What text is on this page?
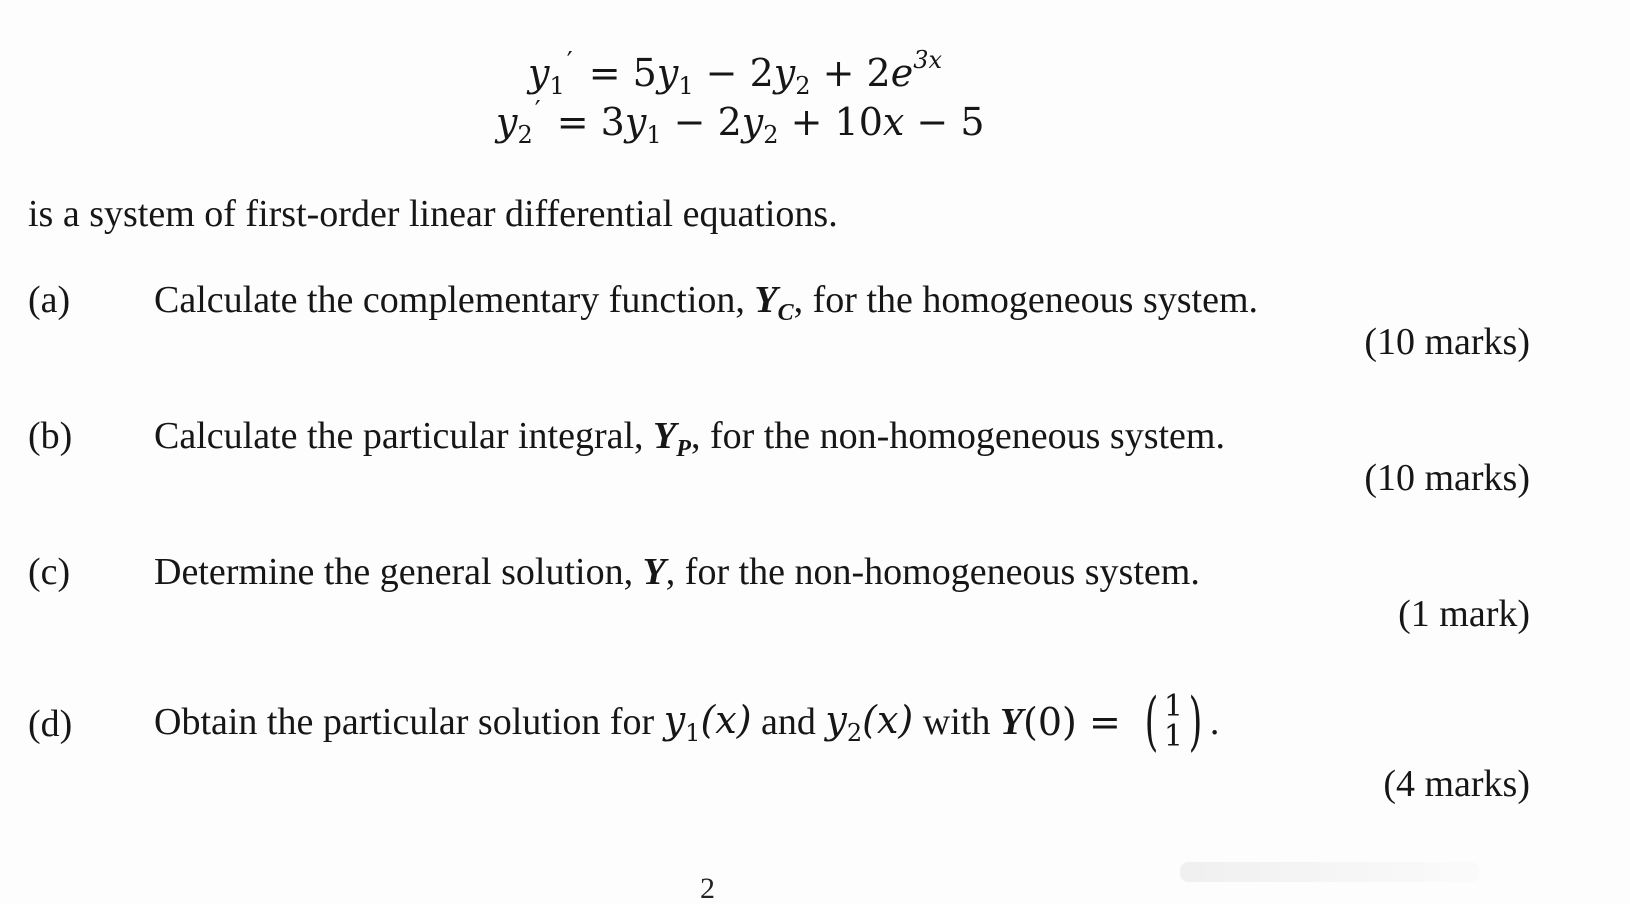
$y_1' = 5y_1 - 2y_2 + 2e^{3x}$
$y_2' = 3y_1 - 2y_2 + 10x - 5$
is a system of first-order linear differential equations.
(a) Calculate the complementary function, $Y_C$, for the homogeneous system.
(10 marks)
(b) Calculate the particular integral, $Y_P$, for the non-homogeneous system.
(10 marks)
(c) Determine the general solution, Y, for the non-homogeneous system.
(1 mark)
(d) Obtain the particular solution for $y_1(x)$ and $y_2(x)$ with Y(0) = ( 1
1) .
(4 marks)
2
